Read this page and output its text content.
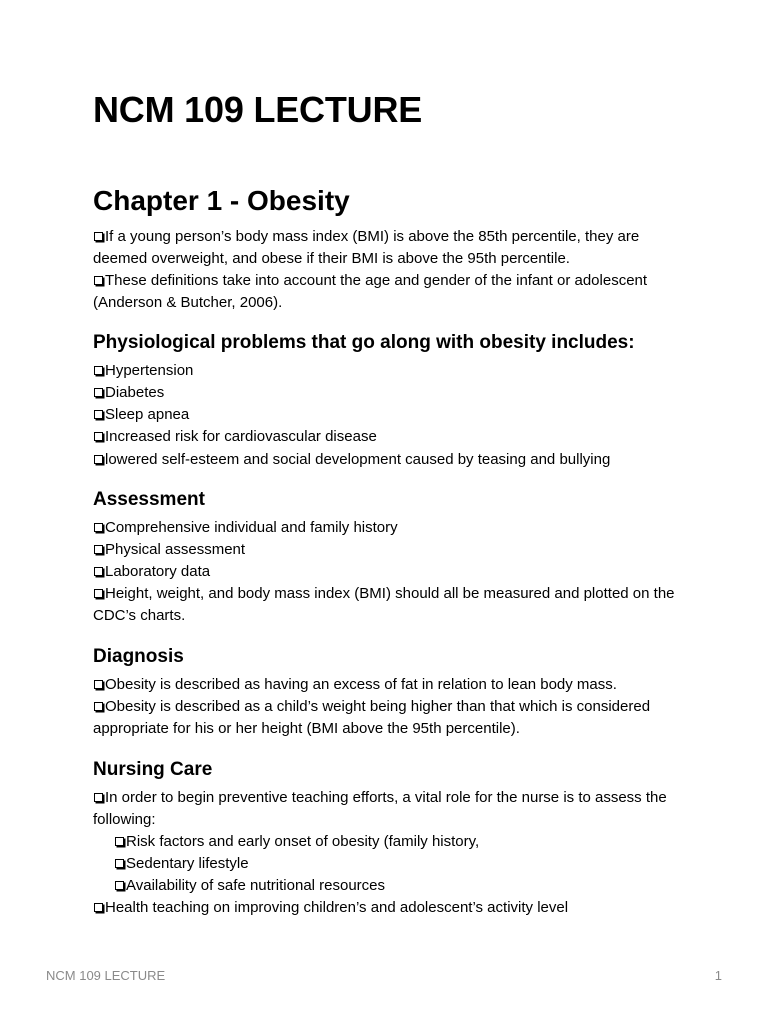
NCM 109 LECTURE
Chapter 1 - Obesity

If a young person’s body mass index (BMI) is above the 85th percentile, they are deemed overweight, and obese if their BMI is above the 95th percentile.

These definitions take into account the age and gender of the infant or adolescent (Anderson & Butcher, 2006).

Physiological problems that go along with obesity includes:

Hypertension

Diabetes

Sleep apnea

Increased risk for cardiovascular disease

lowered self-esteem and social development caused by teasing and bullying

Assessment

Comprehensive individual and family history

Physical assessment

Laboratory data

Height, weight, and body mass index (BMI) should all be measured and plotted on the CDC’s charts.

Diagnosis

Obesity is described as having an excess of fat in relation to lean body mass.

Obesity is described as a child’s weight being higher than that which is considered appropriate for his or her height (BMI above the 95th percentile).

Nursing Care

In order to begin preventive teaching efforts, a vital role for the nurse is to assess the following:

Risk factors and early onset of obesity (family history,

Sedentary lifestyle

Availability of safe nutritional resources

Health teaching on improving children’s and adolescent’s activity level

NCM 109 LECTURE	1
